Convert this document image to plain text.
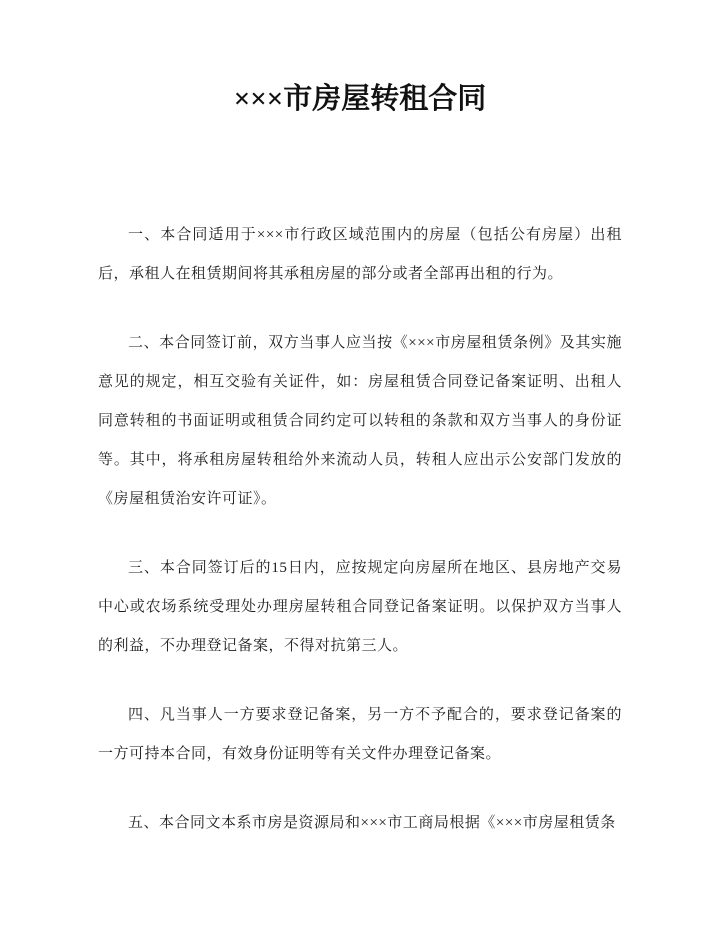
×××市房屋转租合同

一、本合同适用于×××市行政区域范围内的房屋（包括公有房屋）出租后，承租人在租赁期间将其承租房屋的部分或者全部再出租的行为。

二、本合同签订前，双方当事人应当按《×××市房屋租赁条例》及其实施意见的规定，相互交验有关证件，如：房屋租赁合同登记备案证明、出租人同意转租的书面证明或租赁合同约定可以转租的条款和双方当事人的身份证等。其中，将承租房屋转租给外来流动人员，转租人应出示公安部门发放的《房屋租赁治安许可证》。

三、本合同签订后的15日内，应按规定向房屋所在地区、县房地产交易中心或农场系统受理处办理房屋转租合同登记备案证明。以保护双方当事人的利益，不办理登记备案，不得对抗第三人。

四、凡当事人一方要求登记备案，另一方不予配合的，要求登记备案的一方可持本合同，有效身份证明等有关文件办理登记备案。

五、本合同文本系市房是资源局和×××市工商局根据《×××市房屋租赁条
